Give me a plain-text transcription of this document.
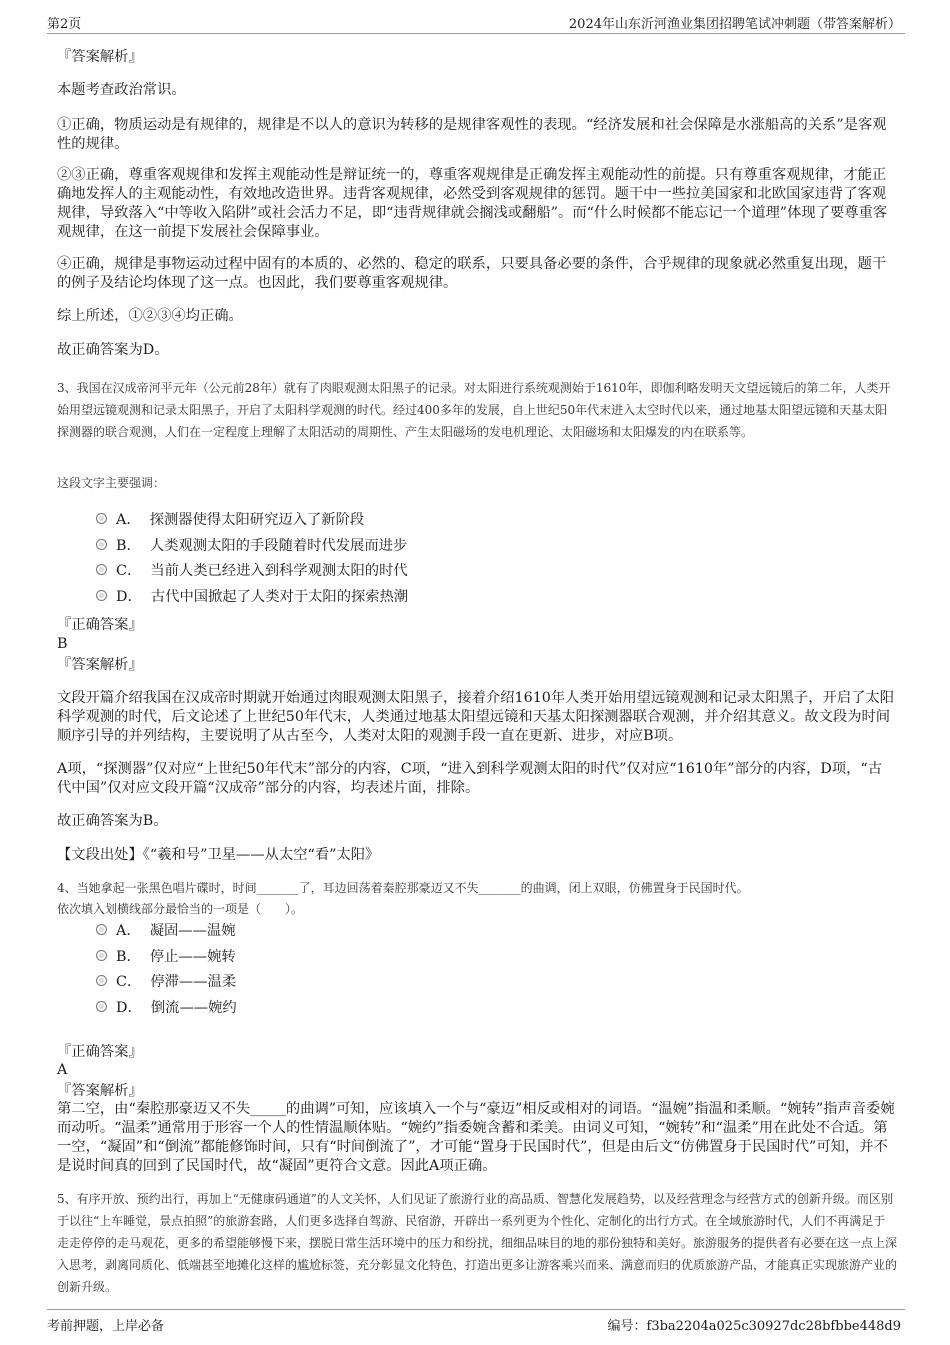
第2页	2024年山东沂河渔业集团招聘笔试冲刺题（带答案解析）
『答案解析』
本题考查政治常识。
①正确，物质运动是有规律的，规律是不以人的意识为转移的是规律客观性的表现。“经济发展和社会保障是水涨船高的关系”是客观性的规律。
②③正确，尊重客观规律和发挥主观能动性是辩证统一的，尊重客观规律是正确发挥主观能动性的前提。只有尊重客观规律，才能正确地发挥人的主观能动性，有效地改造世界。违背客观规律，必然受到客观规律的惩罚。题干中一些拉美国家和北欧国家违背了客观规律，导致落入“中等收入陷阱”或社会活力不足，即“违背规律就会搁浅或翻船”。而“什么时候都不能忘记一个道理”体现了要尊重客观规律，在这一前提下发展社会保障事业。
④正确，规律是事物运动过程中固有的本质的、必然的、稳定的联系，只要具备必要的条件，合乎规律的现象就必然重复出现，题干的例子及结论均体现了这一点。也因此，我们要尊重客观规律。
综上所述，①②③④均正确。
故正确答案为D。
3、我国在汉成帝河平元年（公元前28年）就有了肉眼观测太阳黑子的记录。对太阳进行系统观测始于1610年，即伽利略发明天文望远镜后的第二年，人类开始用望远镜观测和记录太阳黑子，开启了太阳科学观测的时代。经过400多年的发展，自上世纪50年代末进入太空时代以来，通过地基太阳望远镜和天基太阳探测器的联合观测，人们在一定程度上理解了太阳活动的周期性、产生太阳磁场的发电机理论、太阳磁场和太阳爆发的内在联系等。
这段文字主要强调：
A． 探测器使得太阳研究迈入了新阶段
B． 人类观测太阳的手段随着时代发展而进步
C． 当前人类已经进入到科学观测太阳的时代
D． 古代中国掀起了人类对于太阳的探索热潮
『正确答案』
B
『答案解析』
文段开篇介绍我国在汉成帝时期就开始通过肉眼观测太阳黑子，接着介绍1610年人类开始用望远镜观测和记录太阳黑子，开启了太阳科学观测的时代，后文论述了上世纪50年代末，人类通过地基太阳望远镜和天基太阳探测器联合观测，并介绍其意义。故文段为时间顺序引导的并列结构，主要说明了从古至今，人类对太阳的观测手段一直在更新、进步，对应B项。
A项，“探测器”仅对应“上世纪50年代末”部分的内容，C项，“进入到科学观测太阳的时代”仅对应“1610年”部分的内容，D项，“古代中国”仅对应文段开篇“汉成帝”部分的内容，均表述片面，排除。
故正确答案为B。
【文段出处】《“羲和号”卫星——从太空“看”太阳》
4、当她拿起一张黑色唱片碟时，时间_______了，耳边回荡着秦腔那豪迈又不失_______的曲调，闭上双眼，仿佛置身于民国时代。
依次填入划横线部分最恰当的一项是（　　）。
A． 凝固——温婉
B． 停止——婉转
C． 停滞——温柔
D． 倒流——婉约
『正确答案』
A
『答案解析』
第二空，由“秦腔那豪迈又不失_____的曲调”可知，应该填入一个与“豪迈”相反或相对的词语。“温婉”指温和柔顺。“婉转”指声音委婉而动听。“温柔”通常用于形容一个人的性情温顺体贴。“婉约”指委婉含蓄和柔美。由词义可知，“婉转”和“温柔”用在此处不合适。第一空，“凝固”和“倒流”都能修饰时间，只有“时间倒流了”，才可能“置身于民国时代”，但是由后文“仿佛置身于民国时代”可知，并不是说时间真的回到了民国时代，故“凝固”更符合文意。因此A项正确。
5、有序开放、预约出行，再加上“无健康码通道”的人文关怀，人们见证了旅游行业的高品质、智慧化发展趋势，以及经营理念与经营方式的创新升级。而区别于以往“上车睡觉，景点拍照”的旅游套路，人们更多选择自驾游、民宿游，开辟出一系列更为个性化、定制化的出行方式。在全域旅游时代，人们不再满足于走走停停的走马观花，更多的希望能够慢下来，摆脱日常生活环境中的压力和纷扰，细细品味目的地的那份独特和美好。旅游服务的提供者有必要在这一点上深入思考，剥离同质化、低端甚至地摊化这样的尴尬标签，充分彰显文化特色，打造出更多让游客乘兴而来、满意而归的优质旅游产品，才能真正实现旅游产业的创新升级。
考前押题，上岸必备	编号：f3ba2204a025c30927dc28bfbbe448d9
